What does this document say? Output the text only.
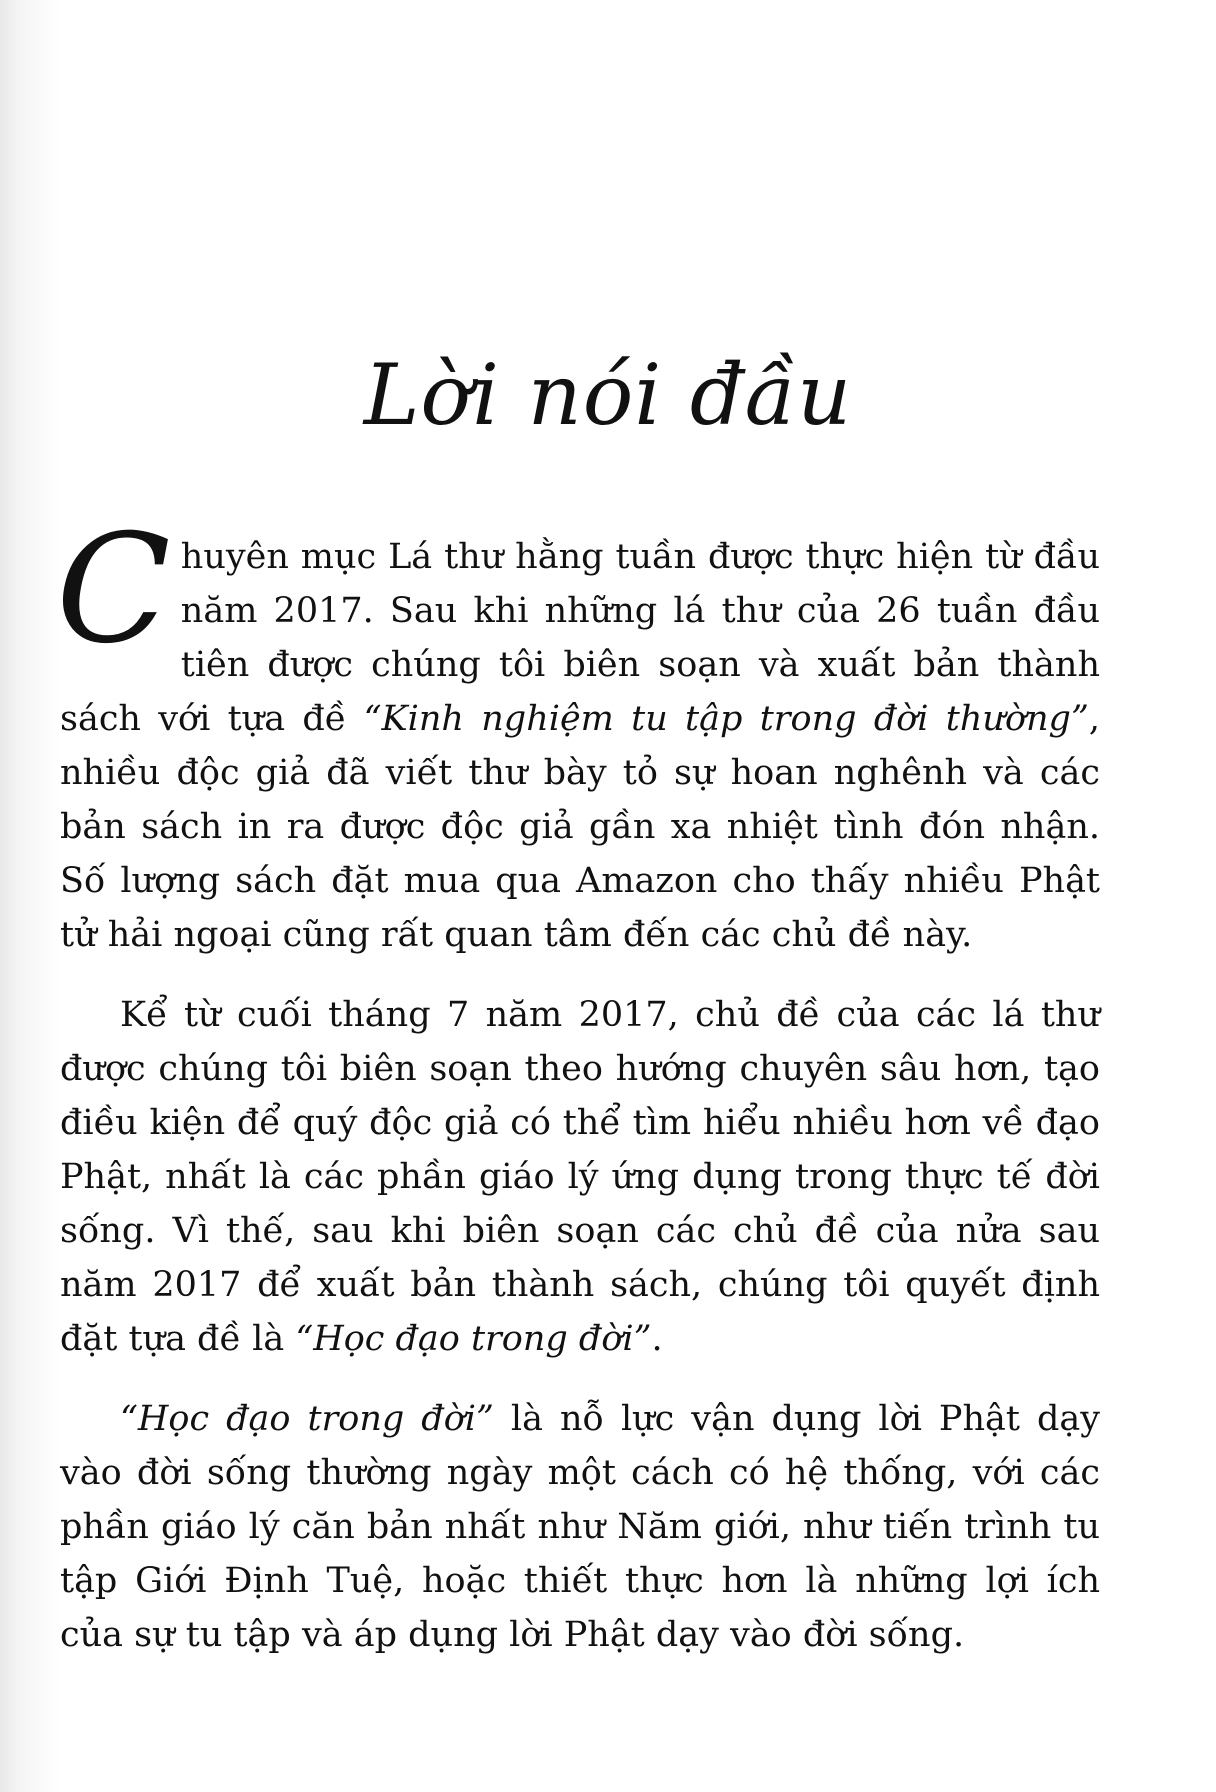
Lời nói đầu

Chuyên mục Lá thư hằng tuần được thực hiện từ đầu năm 2017. Sau khi những lá thư của 26 tuần đầu tiên được chúng tôi biên soạn và xuất bản thành sách với tựa đề “Kinh nghiệm tu tập trong đời thường”, nhiều độc giả đã viết thư bày tỏ sự hoan nghênh và các bản sách in ra được độc giả gần xa nhiệt tình đón nhận. Số lượng sách đặt mua qua Amazon cho thấy nhiều Phật tử hải ngoại cũng rất quan tâm đến các chủ đề này.

Kể từ cuối tháng 7 năm 2017, chủ đề của các lá thư được chúng tôi biên soạn theo hướng chuyên sâu hơn, tạo điều kiện để quý độc giả có thể tìm hiểu nhiều hơn về đạo Phật, nhất là các phần giáo lý ứng dụng trong thực tế đời sống. Vì thế, sau khi biên soạn các chủ đề của nửa sau năm 2017 để xuất bản thành sách, chúng tôi quyết định đặt tựa đề là “Học đạo trong đời”.

“Học đạo trong đời” là nỗ lực vận dụng lời Phật dạy vào đời sống thường ngày một cách có hệ thống, với các phần giáo lý căn bản nhất như Năm giới, như tiến trình tu tập Giới Định Tuệ, hoặc thiết thực hơn là những lợi ích của sự tu tập và áp dụng lời Phật dạy vào đời sống.
